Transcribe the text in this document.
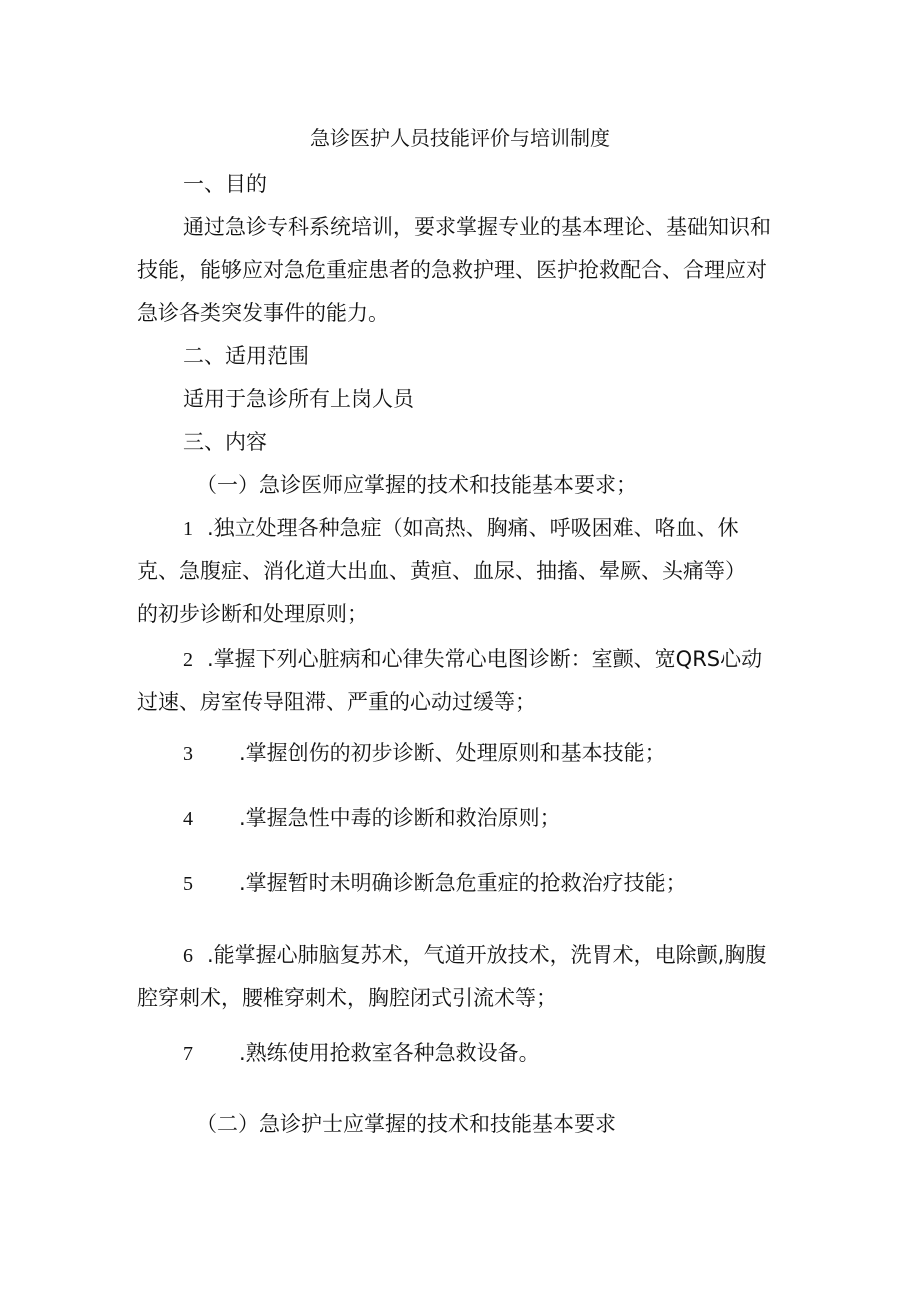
急诊医护人员技能评价与培训制度
一、目的
通过急诊专科系统培训，要求掌握专业的基本理论、基础知识和
技能，能够应对急危重症患者的急救护理、医护抢救配合、合理应对
急诊各类突发事件的能力。
二、适用范围
适用于急诊所有上岗人员
三、内容
（一）急诊医师应掌握的技术和技能基本要求；
1 .独立处理各种急症（如高热、胸痛、呼吸困难、咯血、休
克、急腹症、消化道大出血、黄疸、血尿、抽搐、晕厥、头痛等）
的初步诊断和处理原则；
2 .掌握下列心脏病和心律失常心电图诊断：室颤、宽QRS心动
过速、房室传导阻滞、严重的心动过缓等；
3 .掌握创伤的初步诊断、处理原则和基本技能；
4 .掌握急性中毒的诊断和救治原则；
5 .掌握暂时未明确诊断急危重症的抢救治疗技能；
6 .能掌握心肺脑复苏术，气道开放技术，洗胃术，电除颤,胸腹
腔穿刺术，腰椎穿刺术，胸腔闭式引流术等；
7 .熟练使用抢救室各种急救设备。
（二）急诊护士应掌握的技术和技能基本要求
